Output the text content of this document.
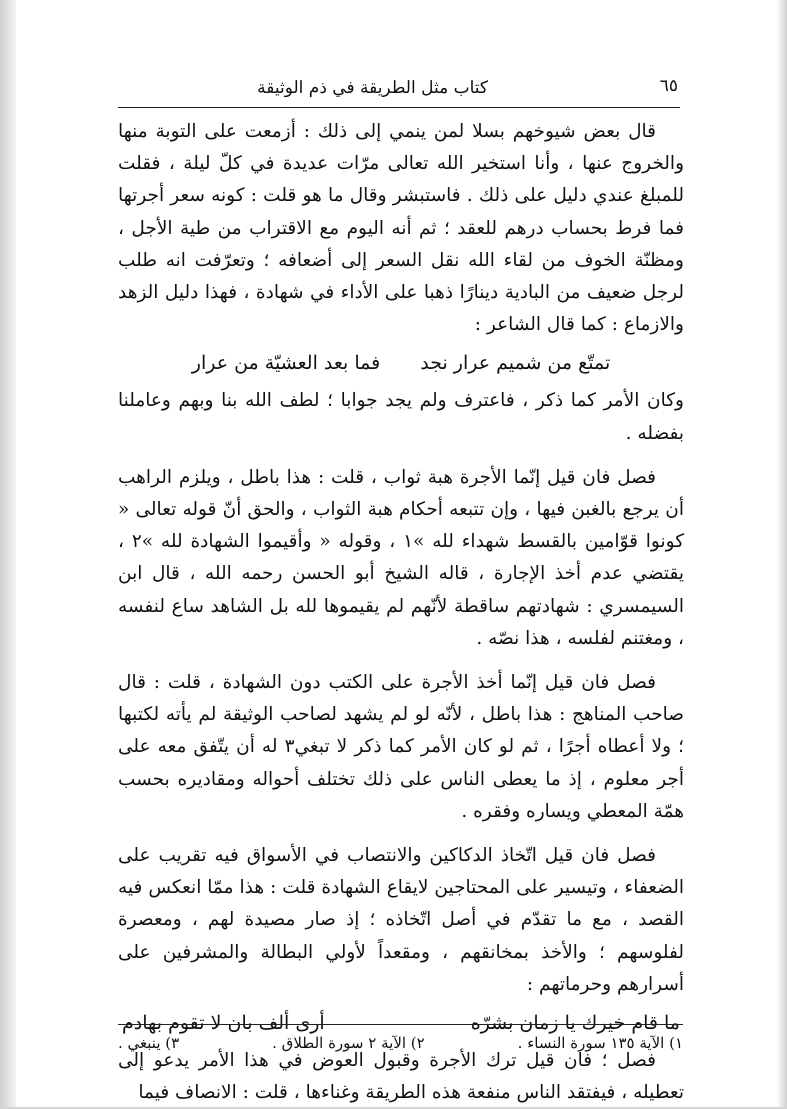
٦٥
كتاب مثل الطريقة في ذم الوثيقة

قال بعض شيوخهم بسلا لمن ينمي إلى ذلك : أزمعت على التوبة منها والخروج عنها ، وأنا استخير الله تعالى مرّات عديدة في كلّ ليلة ، فقلت للمبلغ عندي دليل على ذلك . فاستبشر وقال ما هو قلت : كونه سعر أجرتها فما فرط بحساب درهم للعقد ؛ ثم أنه اليوم مع الاقتراب من طية الأجل ، ومظنّة الخوف من لقاء الله نقل السعر إلى أضعافه ؛ وتعرّفت انه طلب لرجل ضعيف من البادية دينارًا ذهبا على الأداء في شهادة ، فهذا دليل الزهد والازماع : كما قال الشاعر :

تمتّع من شميم عرار نجد
فما بعد العشيّة من عرار

وكان الأمر كما ذكر ، فاعترف ولم يجد جوابا ؛ لطف الله بنا وبهم وعاملنا بفضله .

فصل فان قيل إنّما الأجرة هبة ثواب ، قلت : هذا باطل ، ويلزم الراهب أن يرجع بالغبن فيها ، وإن تتبعه أحكام هبة الثواب ، والحق أنّ قوله تعالى « كونوا قوّامين بالقسط شهداء لله »١ ، وقوله « وأقيموا الشهادة لله »٢ ، يقتضي عدم أخذ الإجارة ، قاله الشيخ أبو الحسن رحمه الله ، قال ابن السيمسري : شهادتهم ساقطة لأنّهم لم يقيموها لله بل الشاهد ساع لنفسه ، ومغتنم لفلسه ، هذا نصّه .

فصل فان قيل إنّما أخذ الأجرة على الكتب دون الشهادة ، قلت : قال صاحب المناهج : هذا باطل ، لأنّه لو لم يشهد لصاحب الوثيقة لم يأته لكتبها ؛ ولا أعطاه أجرًا ، ثم لو كان الأمر كما ذكر لا تبغي٣ له أن يتّفق معه على أجر معلوم ، إذ ما يعطى الناس على ذلك تختلف أحواله ومقاديره بحسب همّة المعطي ويساره وفقره .

فصل فان قيل اتّخاذ الدكاكين والانتصاب في الأسواق فيه تقريب على الضعفاء ، وتيسير على المحتاجين لايقاع الشهادة قلت : هذا ممّا انعكس فيه القصد ، مع ما تقدّم في أصل اتّخاذه ؛ إذ صار مصيدة لهم ، ومعصرة لفلوسهم ؛ والأخذ بمخانقهم ، ومقعداً لأولي البطالة والمشرفين على أسرارهم وحرماتهم :

ما قام خيرك يا زمان بشرّه
أرى ألف بان لا تقوم بهادم

فصل ؛ فان قيل ترك الأجرة وقبول العوض في هذا الأمر يدعو إلى تعطيله ، فيفتقد الناس منفعة هذه الطريقة وغناءها ، قلت : الانصاف فيما

١) الآية ١٣٥ سورة النساء .
٢) الآية ٢ سورة الطلاق .
٣) ينبغي .
